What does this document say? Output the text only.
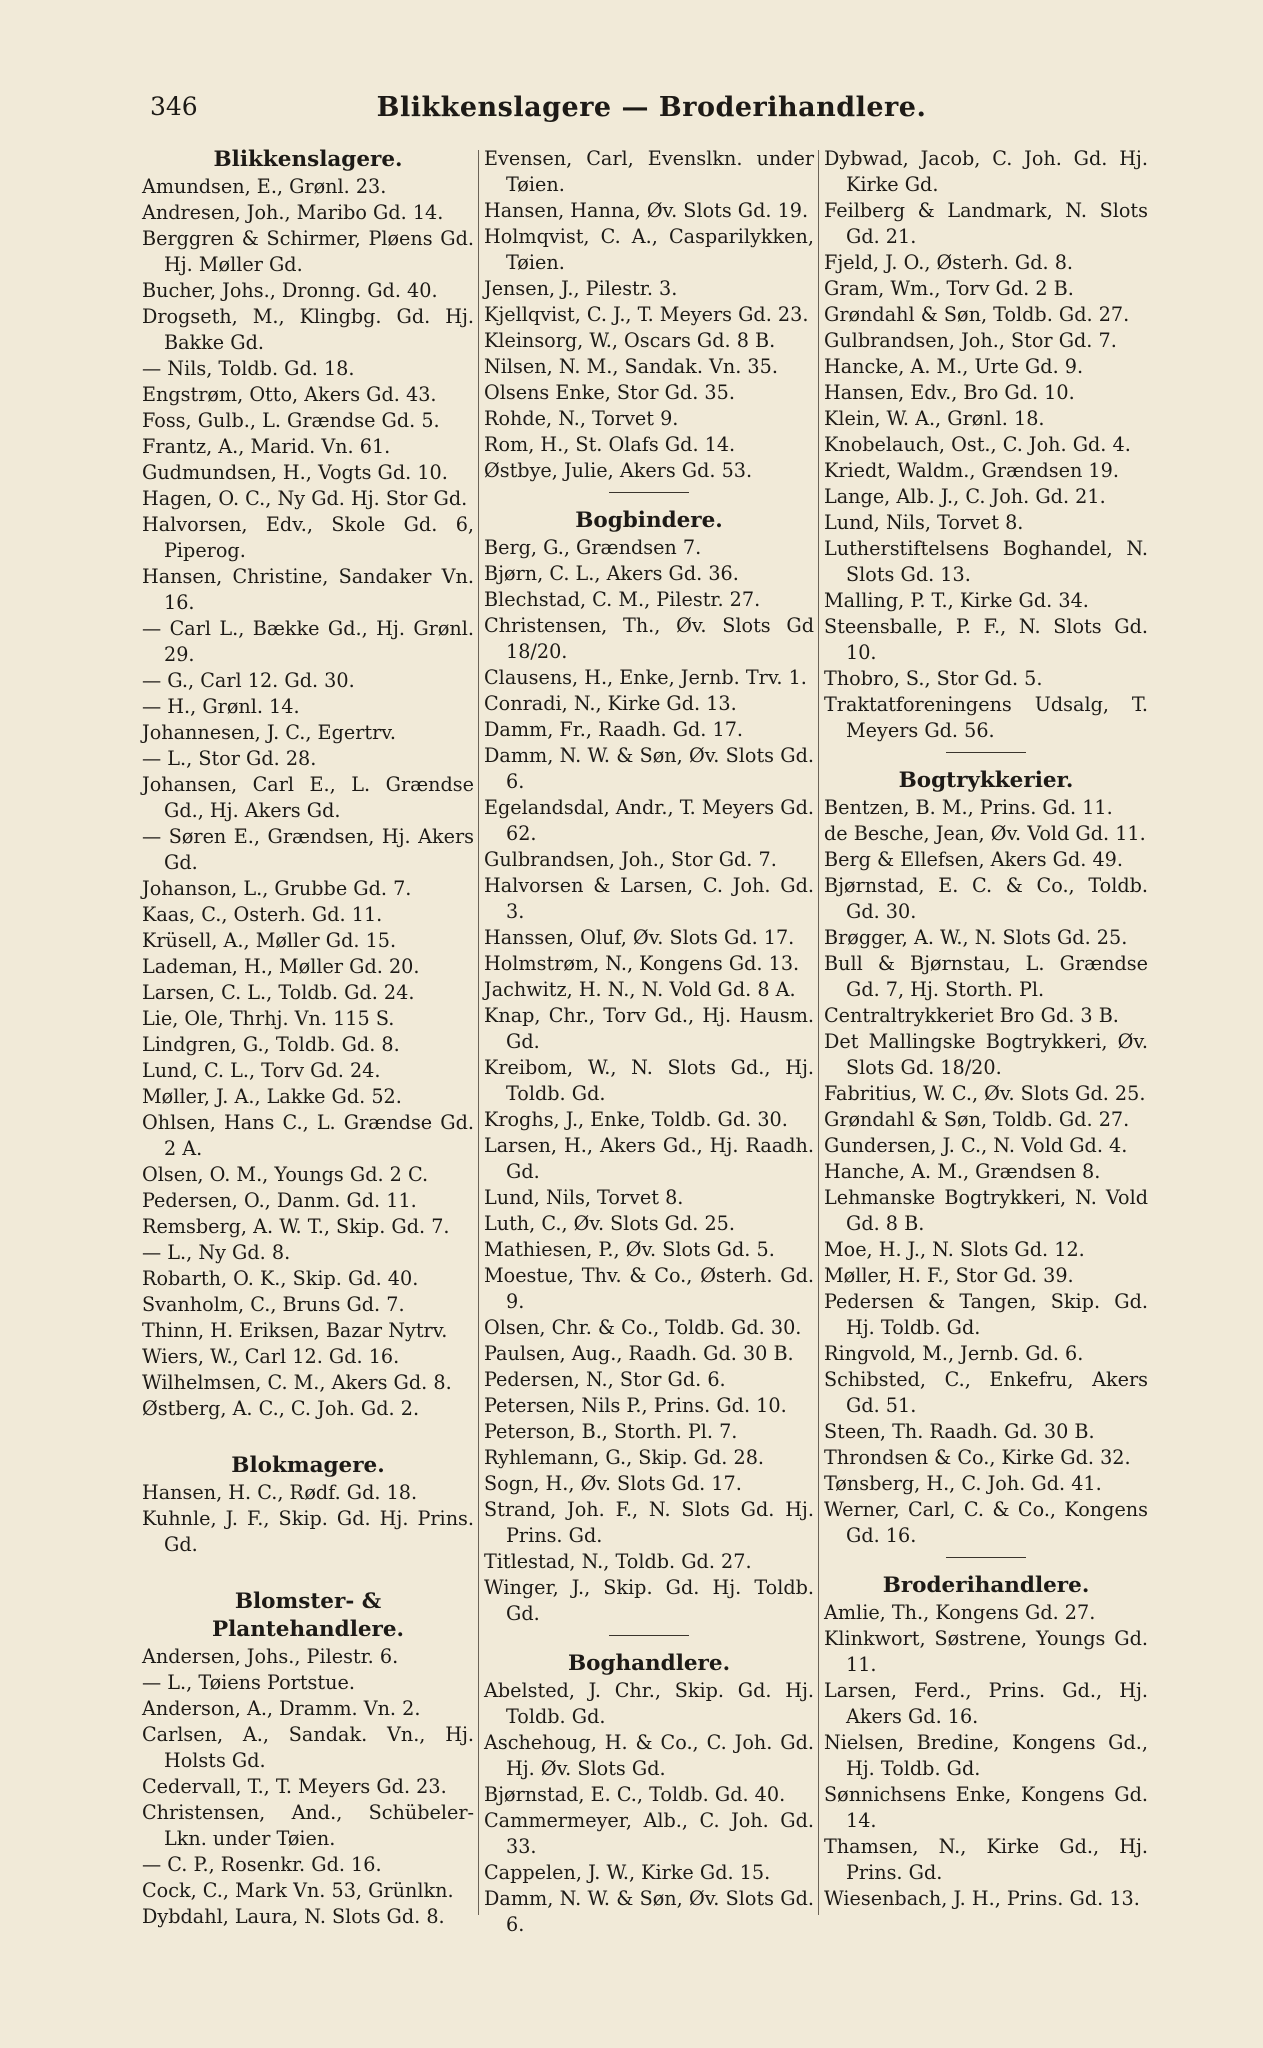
346	Blikkenslagere — Broderihandlere.
Blikkenslagere.

Amundsen, E., Grønl. 23.

Andresen, Joh., Maribo Gd. 14.

Berggren & Schirmer, Pløens Gd. Hj. Møller Gd.

Bucher, Johs., Dronng. Gd. 40.

Drogseth, M., Klingbg. Gd. Hj. Bakke Gd.

— Nils, Toldb. Gd. 18.

Engstrøm, Otto, Akers Gd. 43.

Foss, Gulb., L. Grændse Gd. 5.

Frantz, A., Marid. Vn. 61.

Gudmundsen, H., Vogts Gd. 10.

Hagen, O. C., Ny Gd. Hj. Stor Gd.

Halvorsen, Edv., Skole Gd. 6, Piperog.

Hansen, Christine, Sandaker Vn. 16.

— Carl L., Bække Gd., Hj. Grønl. 29.

— G., Carl 12. Gd. 30.

— H., Grønl. 14.

Johannesen, J. C., Egertrv.

— L., Stor Gd. 28.

Johansen, Carl E., L. Grændse Gd., Hj. Akers Gd.

— Søren E., Grændsen, Hj. Akers Gd.

Johanson, L., Grubbe Gd. 7.

Kaas, C., Osterh. Gd. 11.

Krüsell, A., Møller Gd. 15.

Lademan, H., Møller Gd. 20.

Larsen, C. L., Toldb. Gd. 24.

Lie, Ole, Thrhj. Vn. 115 S.

Lindgren, G., Toldb. Gd. 8.

Lund, C. L., Torv Gd. 24.

Møller, J. A., Lakke Gd. 52.

Ohlsen, Hans C., L. Grændse Gd. 2 A.

Olsen, O. M., Youngs Gd. 2 C.

Pedersen, O., Danm. Gd. 11.

Remsberg, A. W. T., Skip. Gd. 7.

— L., Ny Gd. 8.

Robarth, O. K., Skip. Gd. 40.

Svanholm, C., Bruns Gd. 7.

Thinn, H. Eriksen, Bazar Nytrv.

Wiers, W., Carl 12. Gd. 16.

Wilhelmsen, C. M., Akers Gd. 8.

Østberg, A. C., C. Joh. Gd. 2.

Blokmagere.

Hansen, H. C., Rødf. Gd. 18.

Kuhnle, J. F., Skip. Gd. Hj. Prins. Gd.

Blomster- & Plantehandlere.

Andersen, Johs., Pilestr. 6.

— L., Tøiens Portstue.

Anderson, A., Dramm. Vn. 2.

Carlsen, A., Sandak. Vn., Hj. Holsts Gd.

Cedervall, T., T. Meyers Gd. 23.

Christensen, And., Schübeler-Lkn. under Tøien.

— C. P., Rosenkr. Gd. 16.

Cock, C., Mark Vn. 53, Grünlkn.

Dybdahl, Laura, N. Slots Gd. 8.

Evensen, Carl, Evenslkn. under Tøien.

Hansen, Hanna, Øv. Slots Gd. 19.

Holmqvist, C. A., Casparilykken, Tøien.

Jensen, J., Pilestr. 3.

Kjellqvist, C. J., T. Meyers Gd. 23.

Kleinsorg, W., Oscars Gd. 8 B.

Nilsen, N. M., Sandak. Vn. 35.

Olsens Enke, Stor Gd. 35.

Rohde, N., Torvet 9.

Rom, H., St. Olafs Gd. 14.

Østbye, Julie, Akers Gd. 53.

Bogbindere.

Berg, G., Grændsen 7.

Bjørn, C. L., Akers Gd. 36.

Blechstad, C. M., Pilestr. 27.

Christensen, Th., Øv. Slots Gd 18/20.

Clausens, H., Enke, Jernb. Trv. 1.

Conradi, N., Kirke Gd. 13.

Damm, Fr., Raadh. Gd. 17.

Damm, N. W. & Søn, Øv. Slots Gd. 6.

Egelandsdal, Andr., T. Meyers Gd. 62.

Gulbrandsen, Joh., Stor Gd. 7.

Halvorsen & Larsen, C. Joh. Gd. 3.

Hanssen, Oluf, Øv. Slots Gd. 17.

Holmstrøm, N., Kongens Gd. 13.

Jachwitz, H. N., N. Vold Gd. 8 A.

Knap, Chr., Torv Gd., Hj. Hausm. Gd.

Kreibom, W., N. Slots Gd., Hj. Toldb. Gd.

Kroghs, J., Enke, Toldb. Gd. 30.

Larsen, H., Akers Gd., Hj. Raadh. Gd.

Lund, Nils, Torvet 8.

Luth, C., Øv. Slots Gd. 25.

Mathiesen, P., Øv. Slots Gd. 5.

Moestue, Thv. & Co., Østerh. Gd. 9.

Olsen, Chr. & Co., Toldb. Gd. 30.

Paulsen, Aug., Raadh. Gd. 30 B.

Pedersen, N., Stor Gd. 6.

Petersen, Nils P., Prins. Gd. 10.

Peterson, B., Storth. Pl. 7.

Ryhlemann, G., Skip. Gd. 28.

Sogn, H., Øv. Slots Gd. 17.

Strand, Joh. F., N. Slots Gd. Hj. Prins. Gd.

Titlestad, N., Toldb. Gd. 27.

Winger, J., Skip. Gd. Hj. Toldb. Gd.

Boghandlere.

Abelsted, J. Chr., Skip. Gd. Hj. Toldb. Gd.

Aschehoug, H. & Co., C. Joh. Gd. Hj. Øv. Slots Gd.

Bjørnstad, E. C., Toldb. Gd. 40.

Cammermeyer, Alb., C. Joh. Gd. 33.

Cappelen, J. W., Kirke Gd. 15.

Damm, N. W. & Søn, Øv. Slots Gd. 6.

Dybwad, Jacob, C. Joh. Gd. Hj. Kirke Gd.

Feilberg & Landmark, N. Slots Gd. 21.

Fjeld, J. O., Østerh. Gd. 8.

Gram, Wm., Torv Gd. 2 B.

Grøndahl & Søn, Toldb. Gd. 27.

Gulbrandsen, Joh., Stor Gd. 7.

Hancke, A. M., Urte Gd. 9.

Hansen, Edv., Bro Gd. 10.

Klein, W. A., Grønl. 18.

Knobelauch, Ost., C. Joh. Gd. 4.

Kriedt, Waldm., Grændsen 19.

Lange, Alb. J., C. Joh. Gd. 21.

Lund, Nils, Torvet 8.

Lutherstiftelsens Boghandel, N. Slots Gd. 13.

Malling, P. T., Kirke Gd. 34.

Steensballe, P. F., N. Slots Gd. 10.

Thobro, S., Stor Gd. 5.

Traktatforeningens Udsalg, T. Meyers Gd. 56.

Bogtrykkerier.

Bentzen, B. M., Prins. Gd. 11.

de Besche, Jean, Øv. Vold Gd. 11.

Berg & Ellefsen, Akers Gd. 49.

Bjørnstad, E. C. & Co., Toldb. Gd. 30.

Brøgger, A. W., N. Slots Gd. 25.

Bull & Bjørnstau, L. Grændse Gd. 7, Hj. Storth. Pl.

Centraltrykkeriet Bro Gd. 3 B.

Det Mallingske Bogtrykkeri, Øv. Slots Gd. 18/20.

Fabritius, W. C., Øv. Slots Gd. 25.

Grøndahl & Søn, Toldb. Gd. 27.

Gundersen, J. C., N. Vold Gd. 4.

Hanche, A. M., Grændsen 8.

Lehmanske Bogtrykkeri, N. Vold Gd. 8 B.

Moe, H. J., N. Slots Gd. 12.

Møller, H. F., Stor Gd. 39.

Pedersen & Tangen, Skip. Gd. Hj. Toldb. Gd.

Ringvold, M., Jernb. Gd. 6.

Schibsted, C., Enkefru, Akers Gd. 51.

Steen, Th. Raadh. Gd. 30 B.

Throndsen & Co., Kirke Gd. 32.

Tønsberg, H., C. Joh. Gd. 41.

Werner, Carl, C. & Co., Kongens Gd. 16.

Broderihandlere.

Amlie, Th., Kongens Gd. 27.

Klinkwort, Søstrene, Youngs Gd. 11.

Larsen, Ferd., Prins. Gd., Hj. Akers Gd. 16.

Nielsen, Bredine, Kongens Gd., Hj. Toldb. Gd.

Sønnichsens Enke, Kongens Gd. 14.

Thamsen, N., Kirke Gd., Hj. Prins. Gd.

Wiesenbach, J. H., Prins. Gd. 13.
